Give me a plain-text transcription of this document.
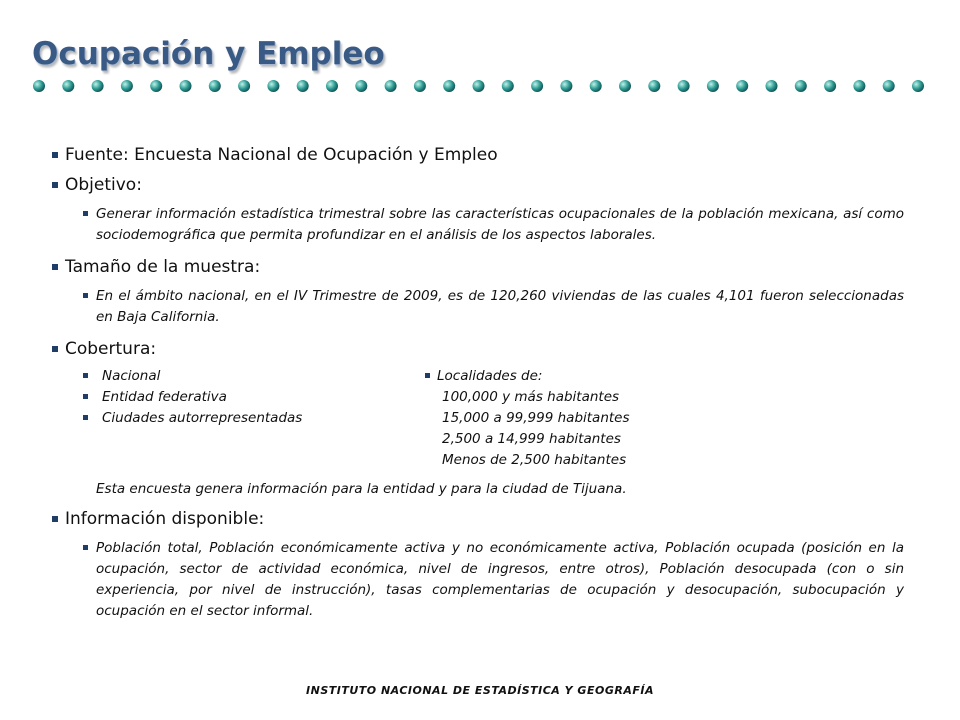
Ocupación y Empleo
Fuente: Encuesta Nacional de Ocupación y Empleo
Objetivo:
Generar información estadística trimestral sobre las características ocupacionales de la población mexicana, así como sociodemográfica que permita profundizar en el análisis de los aspectos laborales.
Tamaño de la muestra:
En el ámbito nacional, en el IV Trimestre de 2009, es de 120,260 viviendas de las cuales 4,101 fueron seleccionadas en Baja California.
Cobertura:
Nacional
Entidad federativa
Ciudades autorrepresentadas
Localidades de:
100,000 y más habitantes
15,000 a 99,999 habitantes
2,500 a 14,999 habitantes
Menos de 2,500 habitantes
Esta encuesta genera información para la entidad y para la ciudad de Tijuana.
Información disponible:
Población total, Población económicamente activa y no económicamente activa, Población ocupada (posición en la ocupación, sector de actividad económica, nivel de ingresos, entre otros), Población desocupada (con o sin experiencia, por nivel de instrucción), tasas complementarias de ocupación y desocupación, subocupación y ocupación en el sector informal.
INSTITUTO NACIONAL DE ESTADÍSTICA Y GEOGRAFÍA
